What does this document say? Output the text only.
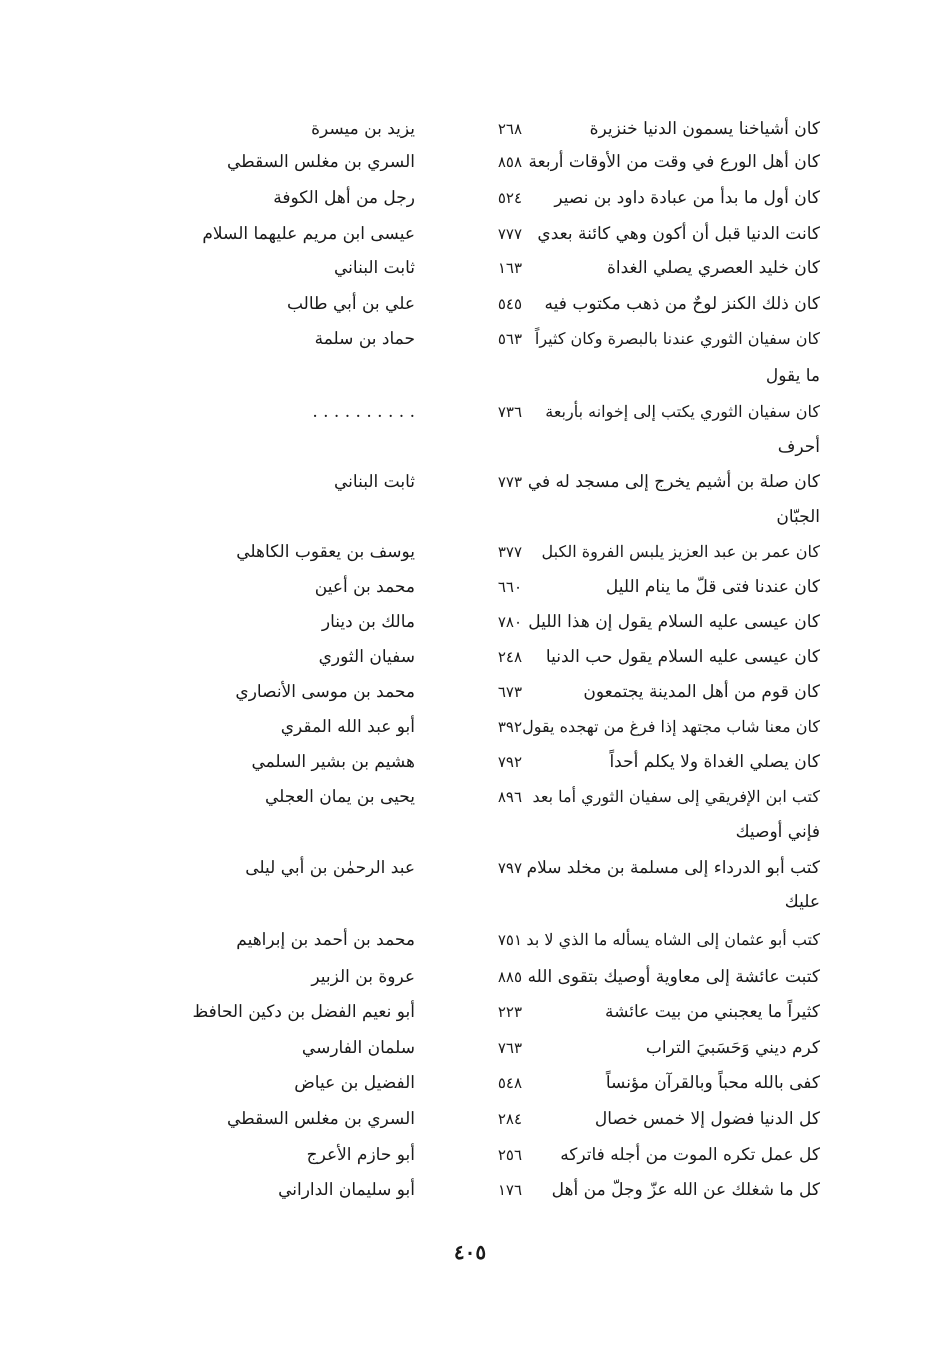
كان أشياخنا يسمون الدنيا خنزيرة
٢٦٨
يزيد بن ميسرة
كان أهل الورع في وقت من الأوقات أربعة
٨٥٨
السري بن مغلس السقطي
كان أول ما بدأ من عبادة داود بن نصير
٥٢٤
رجل من أهل الكوفة
كانت الدنيا قبل أن أكون وهي كائنة بعدي
٧٧٧
عيسى ابن مريم عليهما السلام
كان خليد العصري يصلي الغداة
١٦٣
ثابت البناني
كان ذلك الكنز لوحٌ من ذهب مكتوب فيه
٥٤٥
علي بن أبي طالب
كان سفيان الثوري عندنا بالبصرة وكان كثيراً
٥٦٣
حماد بن سلمة
ما يقول
كان سفيان الثوري يكتب إلى إخوانه بأربعة
٧٣٦
. . . . . . . . . .
أحرف
كان صلة بن أشيم يخرج إلى مسجد له في
٧٧٣
ثابت البناني
الجبّان
كان عمر بن عبد العزيز يلبس الفروة الكبل
٣٧٧
يوسف بن يعقوب الكاهلي
كان عندنا فتى قلّ ما ينام الليل
٦٦٠
محمد بن أعين
كان عيسى عليه السلام يقول إن هذا الليل
٧٨٠
مالك بن دينار
كان عيسى عليه السلام يقول حب الدنيا
٢٤٨
سفيان الثوري
كان قوم من أهل المدينة يجتمعون
٦٧٣
محمد بن موسى الأنصاري
كان معنا شاب مجتهد إذا فرغ من تهجده يقول
٣٩٢
أبو عبد الله المقري
كان يصلي الغداة ولا يكلم أحداً
٧٩٢
هشيم بن بشير السلمي
كتب ابن الإفريقي إلى سفيان الثوري أما بعد
٨٩٦
يحيى بن يمان العجلي
فإني أوصيك
كتب أبو الدرداء إلى مسلمة بن مخلد سلام
٧٩٧
عبد الرحمٰن بن أبي ليلى
عليك
كتب أبو عثمان إلى الشاه يسأله ما الذي لا بد
٧٥١
محمد بن أحمد بن إبراهيم
كتبت عائشة إلى معاوية أوصيك بتقوى الله
٨٨٥
عروة بن الزبير
كثيراً ما يعجبني من بيت عائشة
٢٢٣
أبو نعيم الفضل بن دكين الحافظ
كرم ديني وَحَسَبيَ التراب
٧٦٣
سلمان الفارسي
كفى بالله محباً وبالقرآن مؤنساً
٥٤٨
الفضيل بن عياض
كل الدنيا فضول إلا خمس خصال
٢٨٤
السري بن مغلس السقطي
كل عمل تكره الموت من أجله فاتركه
٢٥٦
أبو حازم الأعرج
كل ما شغلك عن الله عزّ وجلّ من أهل
١٧٦
أبو سليمان الداراني
٤٠٥
